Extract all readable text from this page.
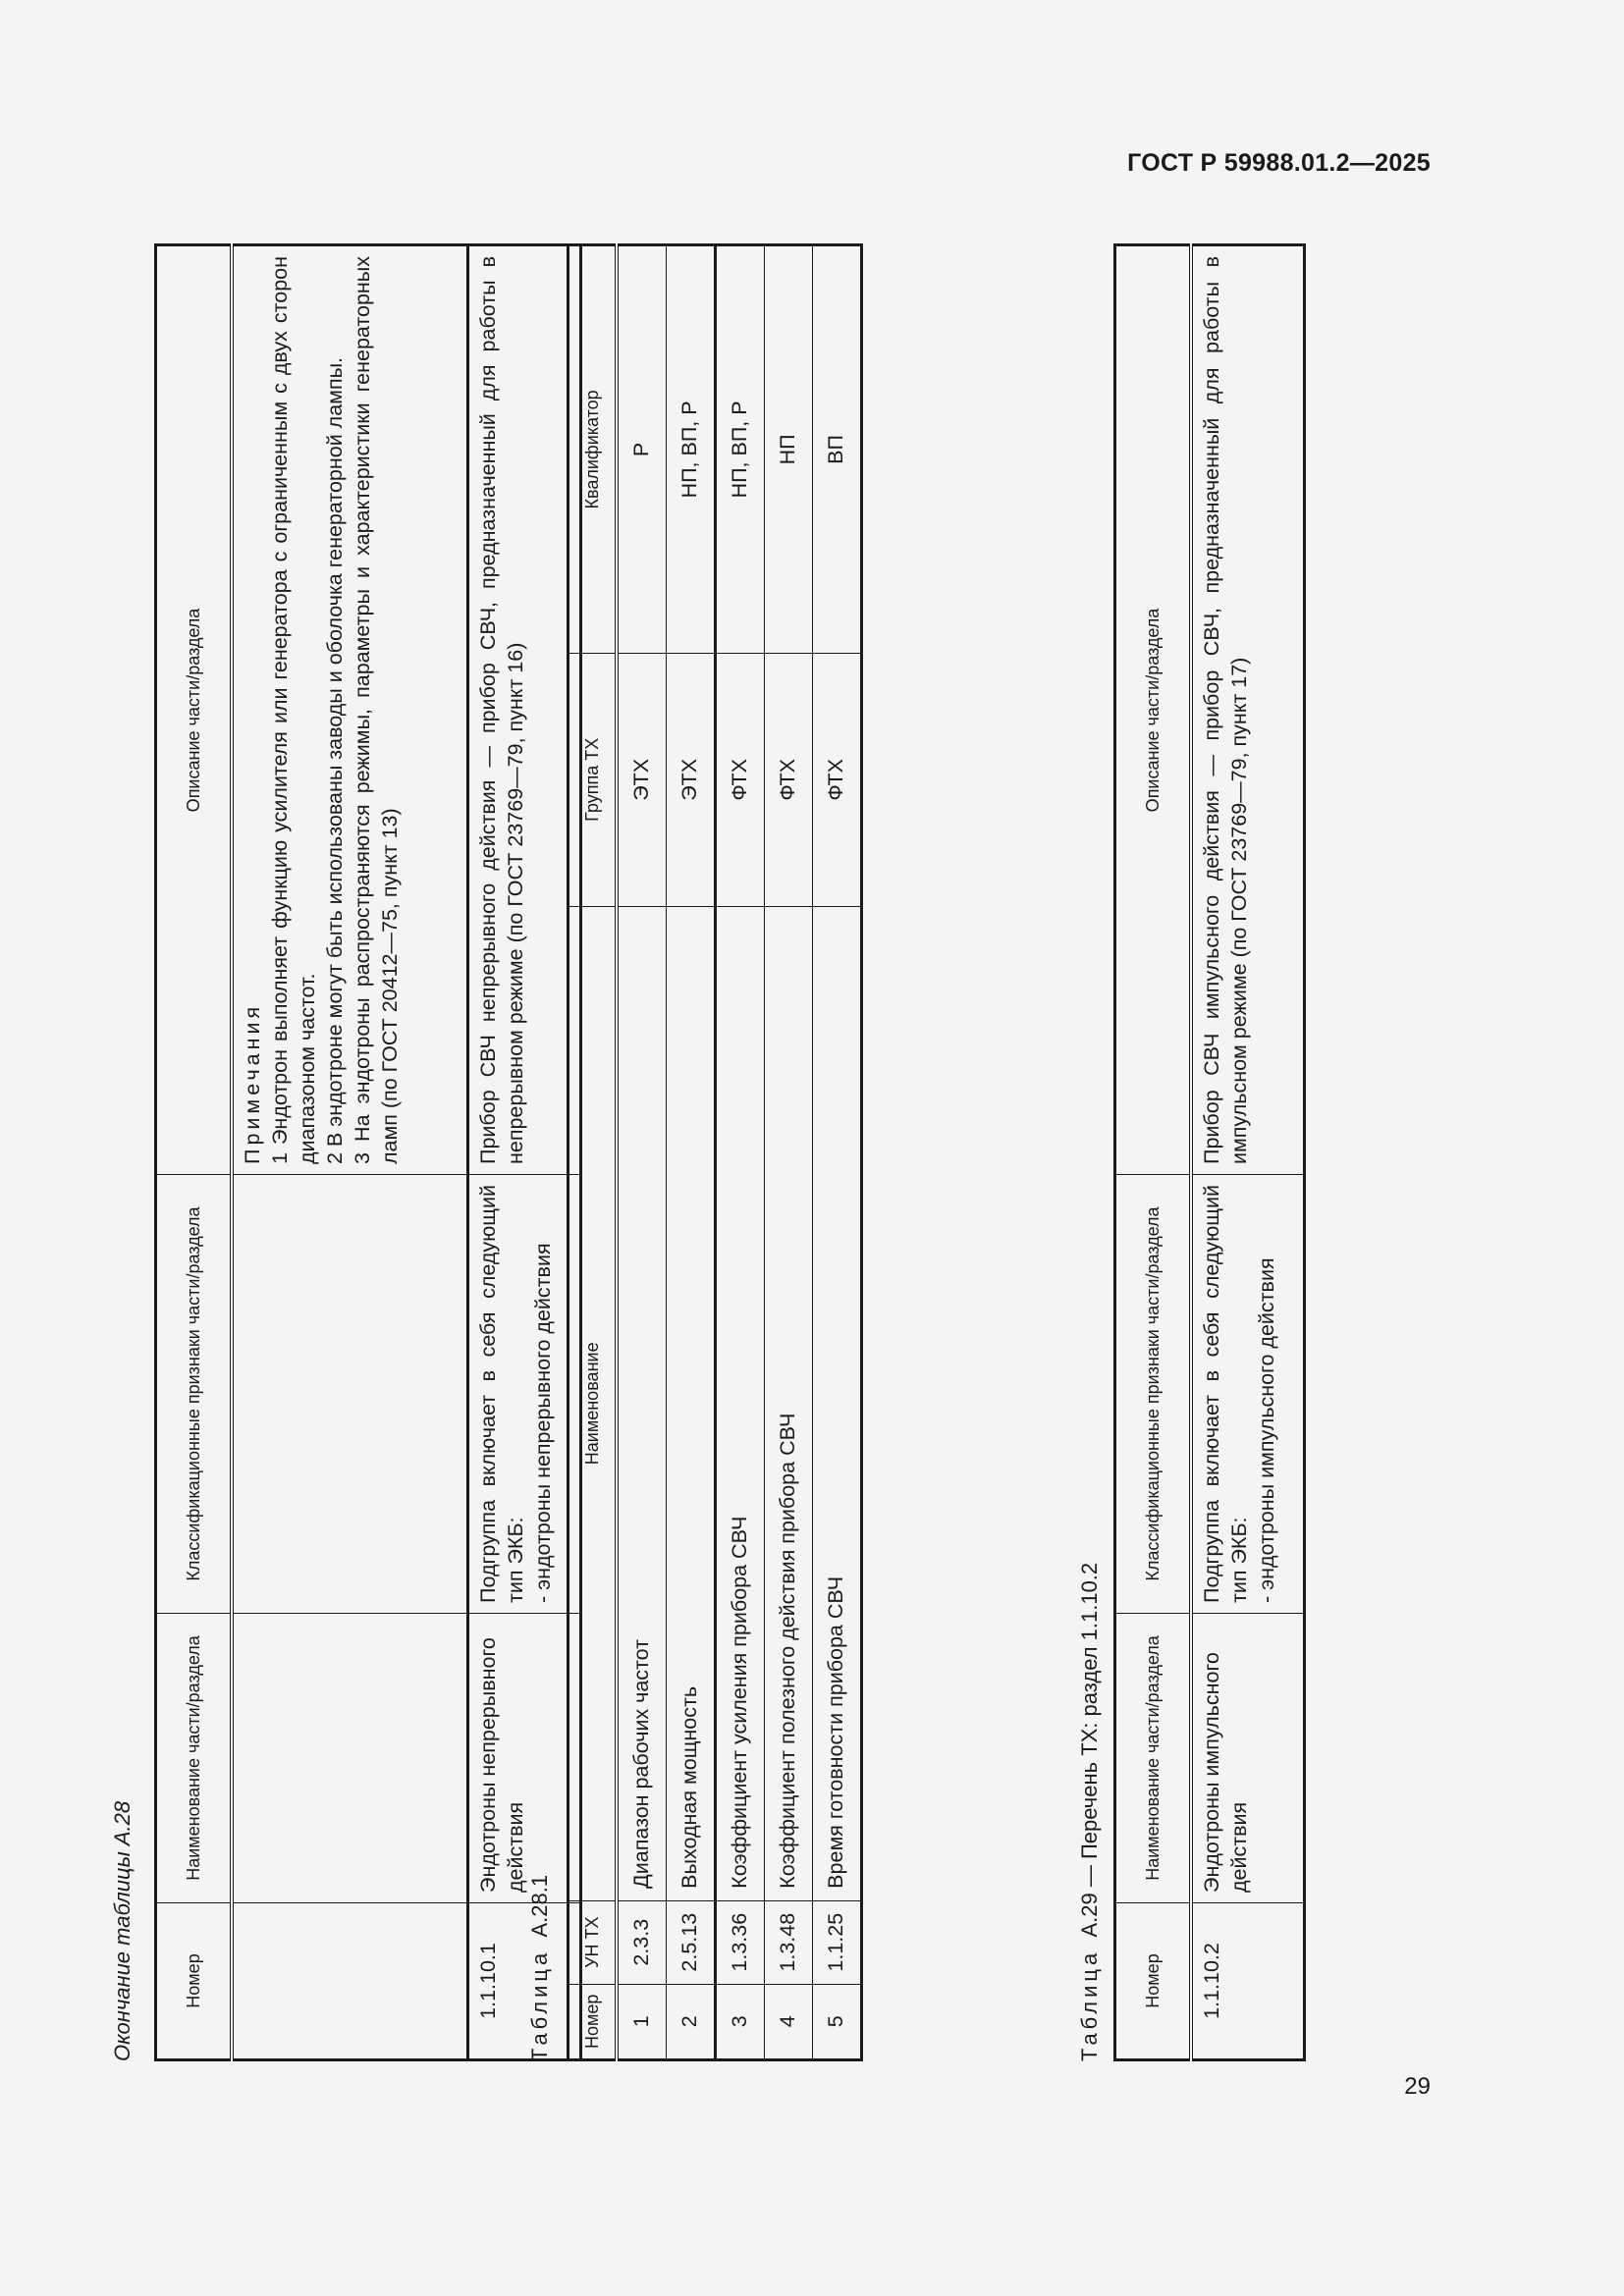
ГОСТ Р 59988.01.2—2025
Окончание таблицы А.28	Номер	Наименование части/раздела	Классификационные признаки части/раздела	Описание части/раздела

			Примечания 1 Эндотрон выполняет функцию усилителя или генератора с ограниченным с двух сторон диапазоном частот. 2 В эндотроне могут быть использованы заводы и оболочка генераторной лампы. 3 На эндотроны распространяются режимы, параметры и характеристики генераторных ламп (по ГОСТ 20412—75, пункт 13)

1.1.10.1	Эндотроны непрерывного действия	Подгруппа включает в себя следующий тип ЭКБ: - эндотроны непрерывного действия	Прибор СВЧ непрерывного действия — прибор СВЧ, предназначенный для работы в непрерывном режиме (по ГОСТ 23769—79, пункт 16)
Таблица  А.28.1
Номер	УН ТХ	Наименование	Группа ТХ	Квалификатор
1	2.3.3	Диапазон рабочих частот	ЭТХ	Р
2	2.5.13	Выходная мощность	ЭТХ	НП, ВП, Р
3	1.3.36	Коэффициент усиления прибора СВЧ	ФТХ	НП, ВП, Р
4	1.3.48	Коэффициент полезного действия прибора СВЧ	ФТХ	НП
5	1.1.25	Время готовности прибора СВЧ	ФТХ	ВП
Таблица  А.29 — Перечень ТХ: раздел 1.1.10.2
Номер	Наименование части/раздела	Классификационные признаки части/раздела	Описание части/раздела
1.1.10.2	Эндотроны импульсного действия	Подгруппа включает в себя следующий тип ЭКБ: - эндотроны импульсного действия	Прибор СВЧ импульсного действия — прибор СВЧ, предназначенный для работы в импульсном режиме (по ГОСТ 23769—79, пункт 17)
29
